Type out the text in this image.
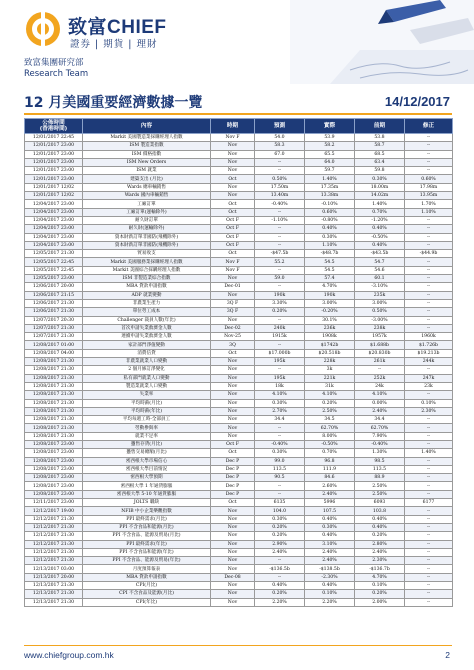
致富CHIEF
證券 | 期貨 | 理財
致富集團研究部
Research Team
12 月美國重要經濟數據一覽	14/12/2017
公佈時間
(香港時間)	內容	時期	預測	實際	前期	修正
12/01/2017 22:45	Markit 美國製造業採購經理人指數	Nov F	54.0	53.9	53.8	--
12/01/2017 23:00	ISM 製造業指數	Nov	58.3	58.2	58.7	--
12/01/2017 23:00	ISM 價格指數	Nov	67.0	65.5	68.5	--
12/01/2017 23:00	ISM New Orders	Nov	--	64.0	63.4	--
12/01/2017 23:00	ISM 就業	Nov	--	59.7	59.8	--
12/01/2017 23:00	建築支出 (月比)	Oct	0.50%	1.40%	0.30%	0.60%
12/01/2017 12/02	Wards 總車輛銷售	Nov	17.50m	17.35m	18.00m	17.98m
12/01/2017 12/02	Wards 國內車輛銷售	Nov	13.40m	13.38m	14.02m	13.95m
12/04/2017 23:00	工廠訂單	Oct	-0.40%	-0.10%	1.40%	1.70%
12/04/2017 23:00	工廠訂單(運輸除外)	Oct	--	0.60%	0.70%	1.10%
12/04/2017 23:00	耐久財訂單	Oct F	-1.10%	-0.80%	-1.20%	--
12/04/2017 23:00	耐久財(運輸除外)	Oct F	--	0.40%	0.40%	--
12/04/2017 23:00	資本財新訂單非國防(飛機除外)	Oct F	--	0.30%	-0.50%	--
12/04/2017 23:00	資本財新訂單非國防(飛機除外)	Oct F	--	1.10%	0.40%	--
12/05/2017 21:30	貿易收支	Oct	-$47.5b	-$48.7b	-$43.5b	-$44.9b
12/05/2017 22:45	Markit 美國服務業採購經理人指數	Nov F	55.2	54.5	54.7	--
12/05/2017 22:45	Markit 美國綜合採購經理人指數	Nov F	--	54.5	54.6	--
12/05/2017 23:00	ISM 非製造業綜合指數	Nov	59.0	57.4	60.1	--
12/06/2017 20:00	MBA 貸款申請指數	Dec-01	--	4.70%	-3.10%	--
12/06/2017 21:15	ADP 就業變動	Nov	190k	190k	235k	--
12/06/2017 21:30	非農業生產力	3Q F	3.30%	3.00%	3.00%	--
12/06/2017 21:30	單位勞工成本	3Q F	0.20%	-0.20%	0.50%	--
12/07/2017 20:30	Challenger 裁員人數(年比)	Nov	--	30.1%	-3.00%	--
12/07/2017 21:30	首次申請失業救濟金人數	Dec-02	240k	236k	238k	--
12/07/2017 21:30	連續申請失業救濟金人數	Nov-25	1915k	1908k	1957k	1960k
12/08/2017 01:00	家計部門淨值變動	3Q	--	$1742b	$1.688b	$1.726b
12/08/2017 04:00	消費信貸	Oct	$17.000b	$20.518b	$20.830b	$19.213b
12/08/2017 21:30	非農業就業人口變動	Nov	195k	228k	261k	244k
12/08/2017 21:30	2 個月修訂淨變化	Nov	--	3k	--	--
12/08/2017 21:30	私有部門就業人口變動	Nov	195k	221k	252k	247k
12/08/2017 21:30	製造業就業人口變動	Nov	18k	31k	24k	23k
12/08/2017 21:30	失業率	Nov	4.10%	4.10%	4.10%	--
12/08/2017 21:30	平均時薪(月比)	Nov	0.30%	0.20%	0.00%	0.10%
12/08/2017 21:30	平均時薪(年比)	Nov	2.70%	2.50%	2.40%	2.30%
12/08/2017 21:30	平均每週工時-全部員工	Nov	34.4	34.5	34.4	--
12/08/2017 21:30	勞動參與率	Nov	--	62.70%	62.70%	--
12/08/2017 21:30	就業不足率	Nov	--	8.00%	7.90%	--
12/08/2017 23:00	躉售存貨(月比)	Oct F	-0.40%	-0.50%	-0.40%	--
12/08/2017 23:00	躉售交易總額(月比)	Oct	0.30%	0.70%	1.30%	1.40%
12/08/2017 23:00	密西根大學市場信心	Dec P	99.0	96.8	98.5	--
12/08/2017 23:00	密西根大學目前情況	Dec P	113.5	111.9	113.5	--
12/08/2017 23:00	密西根大學預期	Dec P	90.5	84.6	88.9	--
12/08/2017 23:00	密西根大學 1 年通貨膨脹	Dec P	--	2.60%	2.50%	--
12/08/2017 23:00	密西根大學 5-10 年通貨膨脹	Dec P	--	2.40%	2.50%	--
12/11/2017 23:00	JOLTS 職缺	Oct	6135	5996	6093	6177
12/12/2017 19:00	NFIB 中小企業樂觀指數	Nov	104.0	107.5	103.8	--
12/12/2017 21:30	PPI 最終需求(月比)	Nov	0.30%	0.40%	0.40%	--
12/12/2017 21:30	PPI 不含食品和能源(月比)	Nov	0.20%	0.30%	0.40%	--
12/12/2017 21:30	PPI 不含食品、能源及貿易(月比)	Nov	0.20%	0.40%	0.20%	--
12/12/2017 21:30	PPI 最終需求(年比)	Nov	2.90%	3.10%	2.80%	--
12/12/2017 21:30	PPI 不含食品和能源(年比)	Nov	2.40%	2.40%	2.40%	--
12/12/2017 21:30	PPI 不含食品、能源及貿易(年比)	Nov	--	2.40%	2.30%	--
12/13/2017 03:00	月度預算報表	Nov	-$136.5b	-$138.5b	-$136.7b	--
12/13/2017 20:00	MBA 貸款申請指數	Dec-08	--	-2.30%	4.70%	--
12/13/2017 21:30	CPI(月比)	Nov	0.40%	0.40%	0.10%	--
12/13/2017 21:30	CPI 不含食品及能源(月比)	Nov	0.20%	0.10%	0.20%	--
12/13/2017 21:30	CPI(年比)	Nov	2.20%	2.20%	2.00%	--
www.chiefgroup.com.hk	2
